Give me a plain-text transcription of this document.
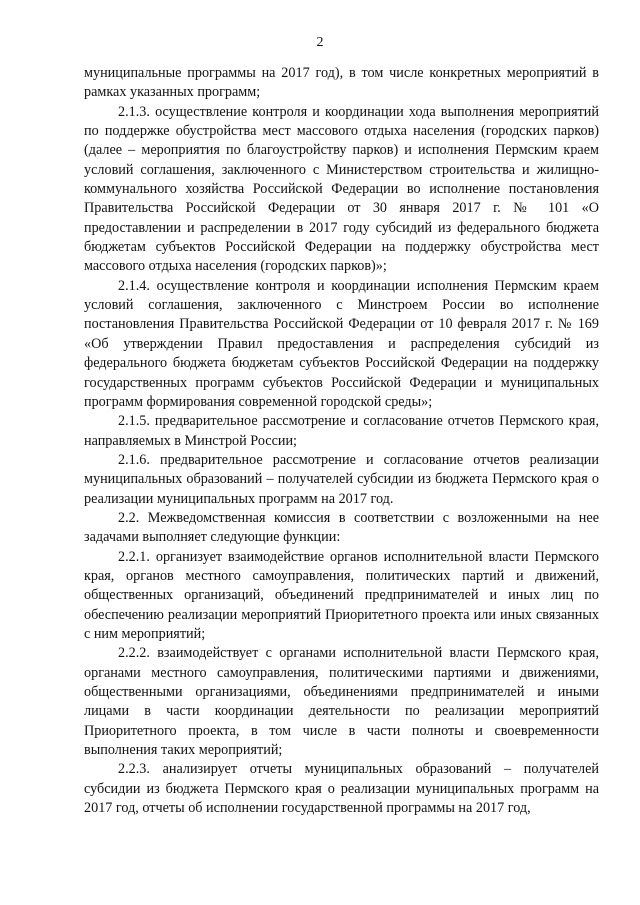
2

муниципальные программы на 2017 год), в том числе конкретных мероприятий в рамках указанных программ;

2.1.3. осуществление контроля и координации хода выполнения мероприятий по поддержке обустройства мест массового отдыха населения (городских парков) (далее – мероприятия по благоустройству парков) и исполнения Пермским краем условий соглашения, заключенного с Министерством строительства и жилищно-коммунального хозяйства Российской Федерации во исполнение постановления Правительства Российской Федерации от 30 января 2017 г. № 101 «О предоставлении и распределении в 2017 году субсидий из федерального бюджета бюджетам субъектов Российской Федерации на поддержку обустройства мест массового отдыха населения (городских парков)»;

2.1.4. осуществление контроля и координации исполнения Пермским краем условий соглашения, заключенного с Минстроем России во исполнение постановления Правительства Российской Федерации от 10 февраля 2017 г. № 169 «Об утверждении Правил предоставления и распределения субсидий из федерального бюджета бюджетам субъектов Российской Федерации на поддержку государственных программ субъектов Российской Федерации и муниципальных программ формирования современной городской среды»;

2.1.5. предварительное рассмотрение и согласование отчетов Пермского края, направляемых в Минстрой России;

2.1.6. предварительное рассмотрение и согласование отчетов реализации муниципальных образований – получателей субсидии из бюджета Пермского края о реализации муниципальных программ на 2017 год.

2.2. Межведомственная комиссия в соответствии с возложенными на нее задачами выполняет следующие функции:

2.2.1. организует взаимодействие органов исполнительной власти Пермского края, органов местного самоуправления, политических партий и движений, общественных организаций, объединений предпринимателей и иных лиц по обеспечению реализации мероприятий Приоритетного проекта или иных связанных с ним мероприятий;

2.2.2. взаимодействует с органами исполнительной власти Пермского края, органами местного самоуправления, политическими партиями и движениями, общественными организациями, объединениями предпринимателей и иными лицами в части координации деятельности по реализации мероприятий Приоритетного проекта, в том числе в части полноты и своевременности выполнения таких мероприятий;

2.2.3. анализирует отчеты муниципальных образований – получателей субсидии из бюджета Пермского края о реализации муниципальных программ на 2017 год, отчеты об исполнении государственной программы на 2017 год,
